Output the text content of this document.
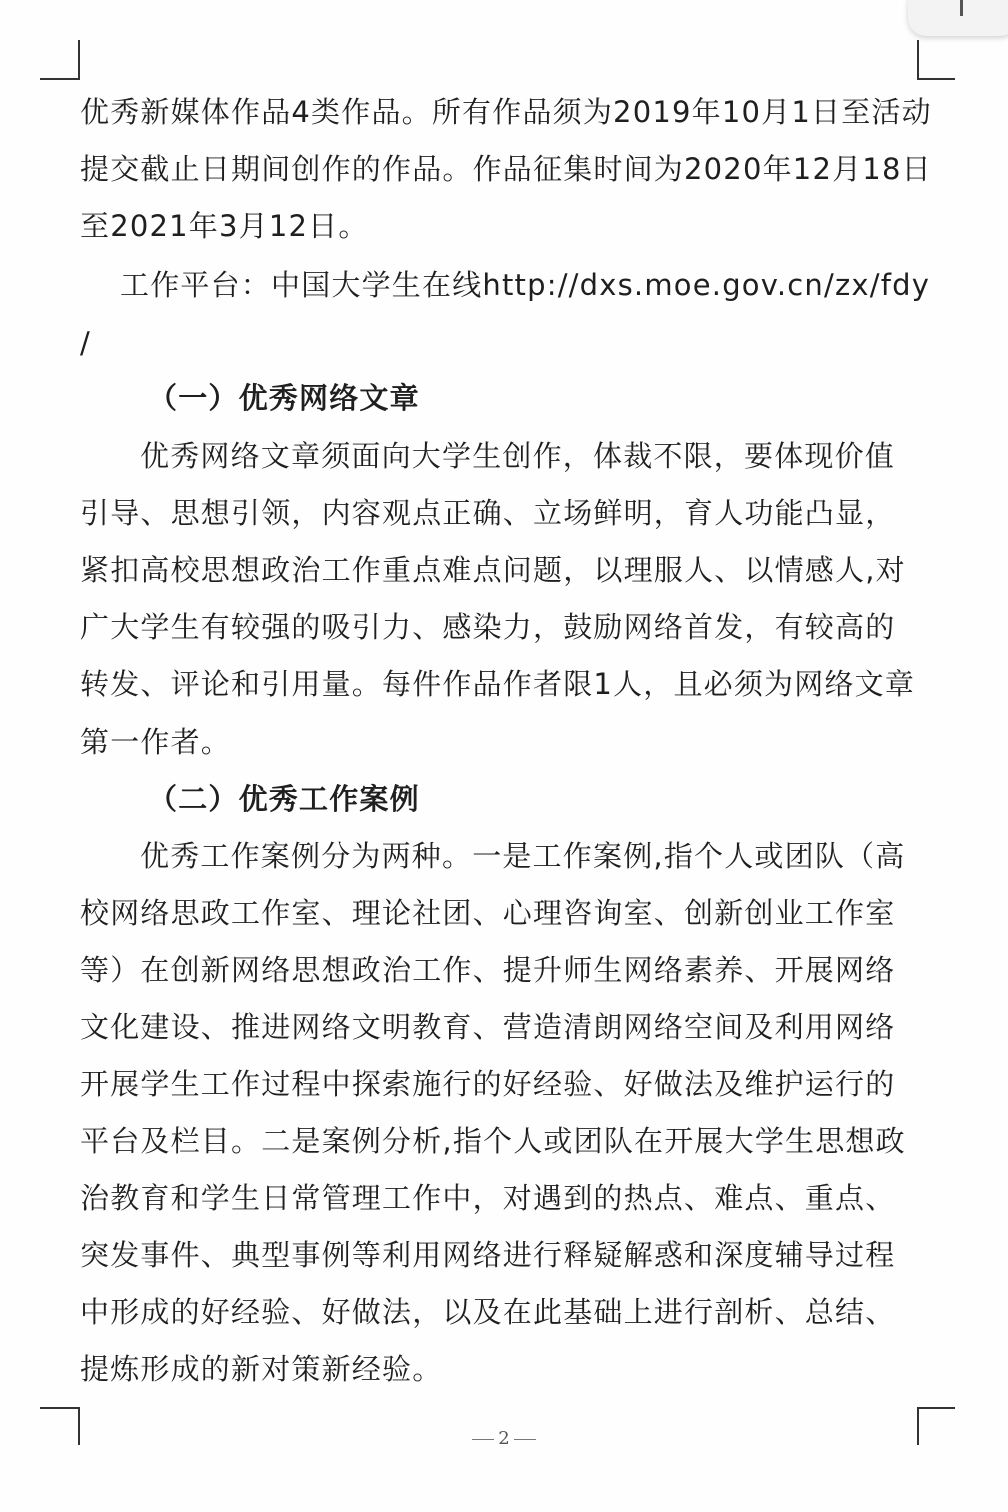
优秀新媒体作品4类作品。所有作品须为2019年10月1日至活动
提交截止日期间创作的作品。作品征集时间为2020年12月18日
至2021年3月12日。
工作平台：中国大学生在线http://dxs.moe.gov.cn/zx/fdy
/
（一）优秀网络文章
优秀网络文章须面向大学生创作，体裁不限，要体现价值
引导、思想引领，内容观点正确、立场鲜明，育人功能凸显，
紧扣高校思想政治工作重点难点问题，以理服人、以情感人,对
广大学生有较强的吸引力、感染力，鼓励网络首发，有较高的
转发、评论和引用量。每件作品作者限1人，且必须为网络文章
第一作者。
（二）优秀工作案例
优秀工作案例分为两种。一是工作案例,指个人或团队（高
校网络思政工作室、理论社团、心理咨询室、创新创业工作室
等）在创新网络思想政治工作、提升师生网络素养、开展网络
文化建设、推进网络文明教育、营造清朗网络空间及利用网络
开展学生工作过程中探索施行的好经验、好做法及维护运行的
平台及栏目。二是案例分析,指个人或团队在开展大学生思想政
治教育和学生日常管理工作中，对遇到的热点、难点、重点、
突发事件、典型事例等利用网络进行释疑解惑和深度辅导过程
中形成的好经验、好做法，以及在此基础上进行剖析、总结、
提炼形成的新对策新经验。
2
